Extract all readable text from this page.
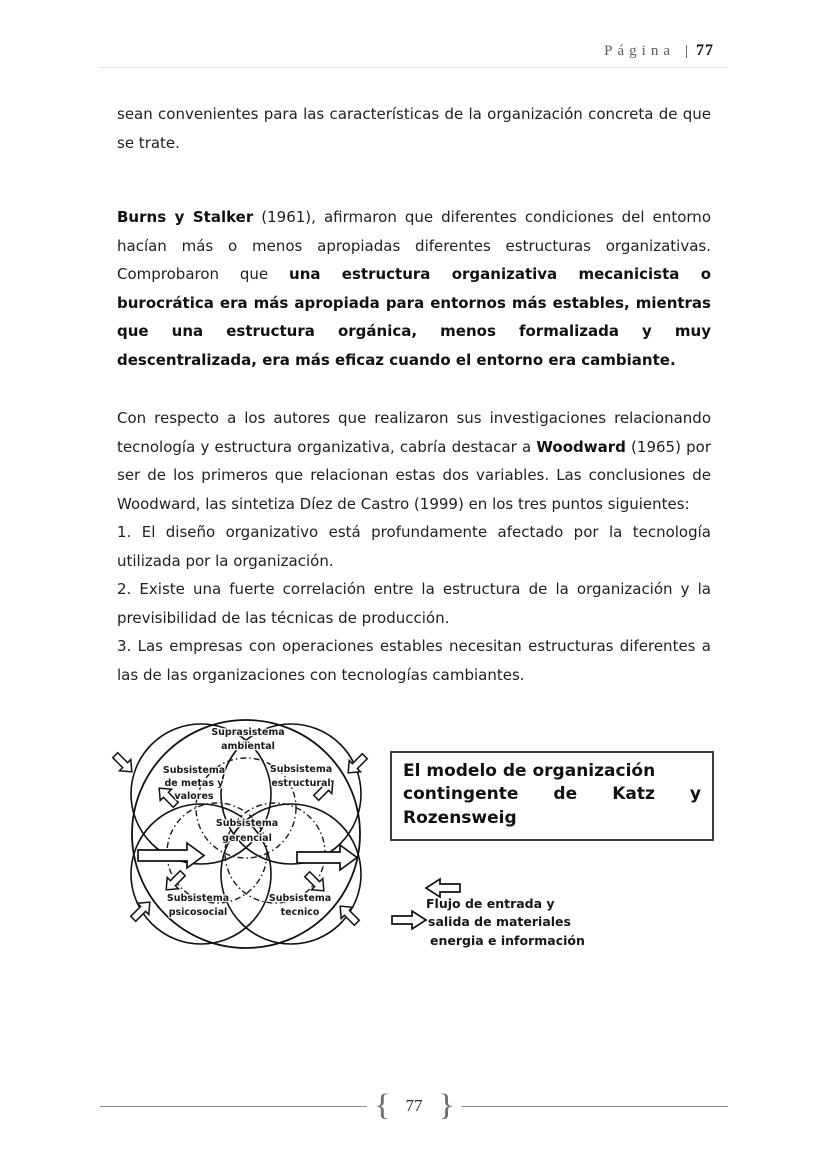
Página | 77

sean convenientes para las características de la organización concreta de que se trate.

Burns y Stalker (1961), afirmaron que diferentes condiciones del entorno hacían más o menos apropiadas diferentes estructuras organizativas. Comprobaron que una estructura organizativa mecanicista o burocrática era más apropiada para entornos más estables, mientras que una estructura orgánica, menos formalizada y muy descentralizada, era más eficaz cuando el entorno era cambiante.

Con respecto a los autores que realizaron sus investigaciones relacionando tecnología y estructura organizativa, cabría destacar a Woodward (1965) por ser de los primeros que relacionan estas dos variables. Las conclusiones de Woodward, las sintetiza Díez de Castro (1999) en los tres puntos siguientes:

1. El diseño organizativo está profundamente afectado por la tecnología utilizada por la organización.

2. Existe una fuerte correlación entre la estructura de la organización y la previsibilidad de las técnicas de producción.

3. Las empresas con operaciones estables necesitan estructuras diferentes a las de las organizaciones con tecnologías cambiantes.

Suprasistema
ambiental
Subsistema
de metas y
valores
Subsistema
estructural
Subsistema
gerencial
Subsistema
psicosocial
Subsistema
tecnico
El modelo de organización
contingente de Katz y Rozensweig
Flujo de entrada y
salida de materiales
energia e información
{ 77 }
